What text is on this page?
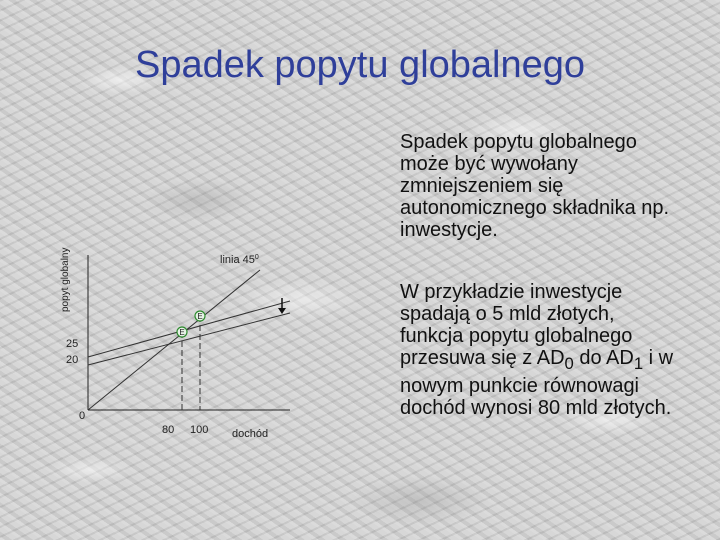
Spadek popytu globalnego

Spadek popytu globalnego może być wywołany zmniejszeniem się autonomicznego składnika np. inwestycje.

W przykładzie inwestycje spadają o 5 mld złotych, funkcja popytu globalnego przesuwa się z $AD_0$ do $AD_1$ i w nowym punkcie równowagi dochód wynosi 80 mld złotych.

E
E
popyt globalny
dochód
linia $45^0$
25
20
0
80 100
